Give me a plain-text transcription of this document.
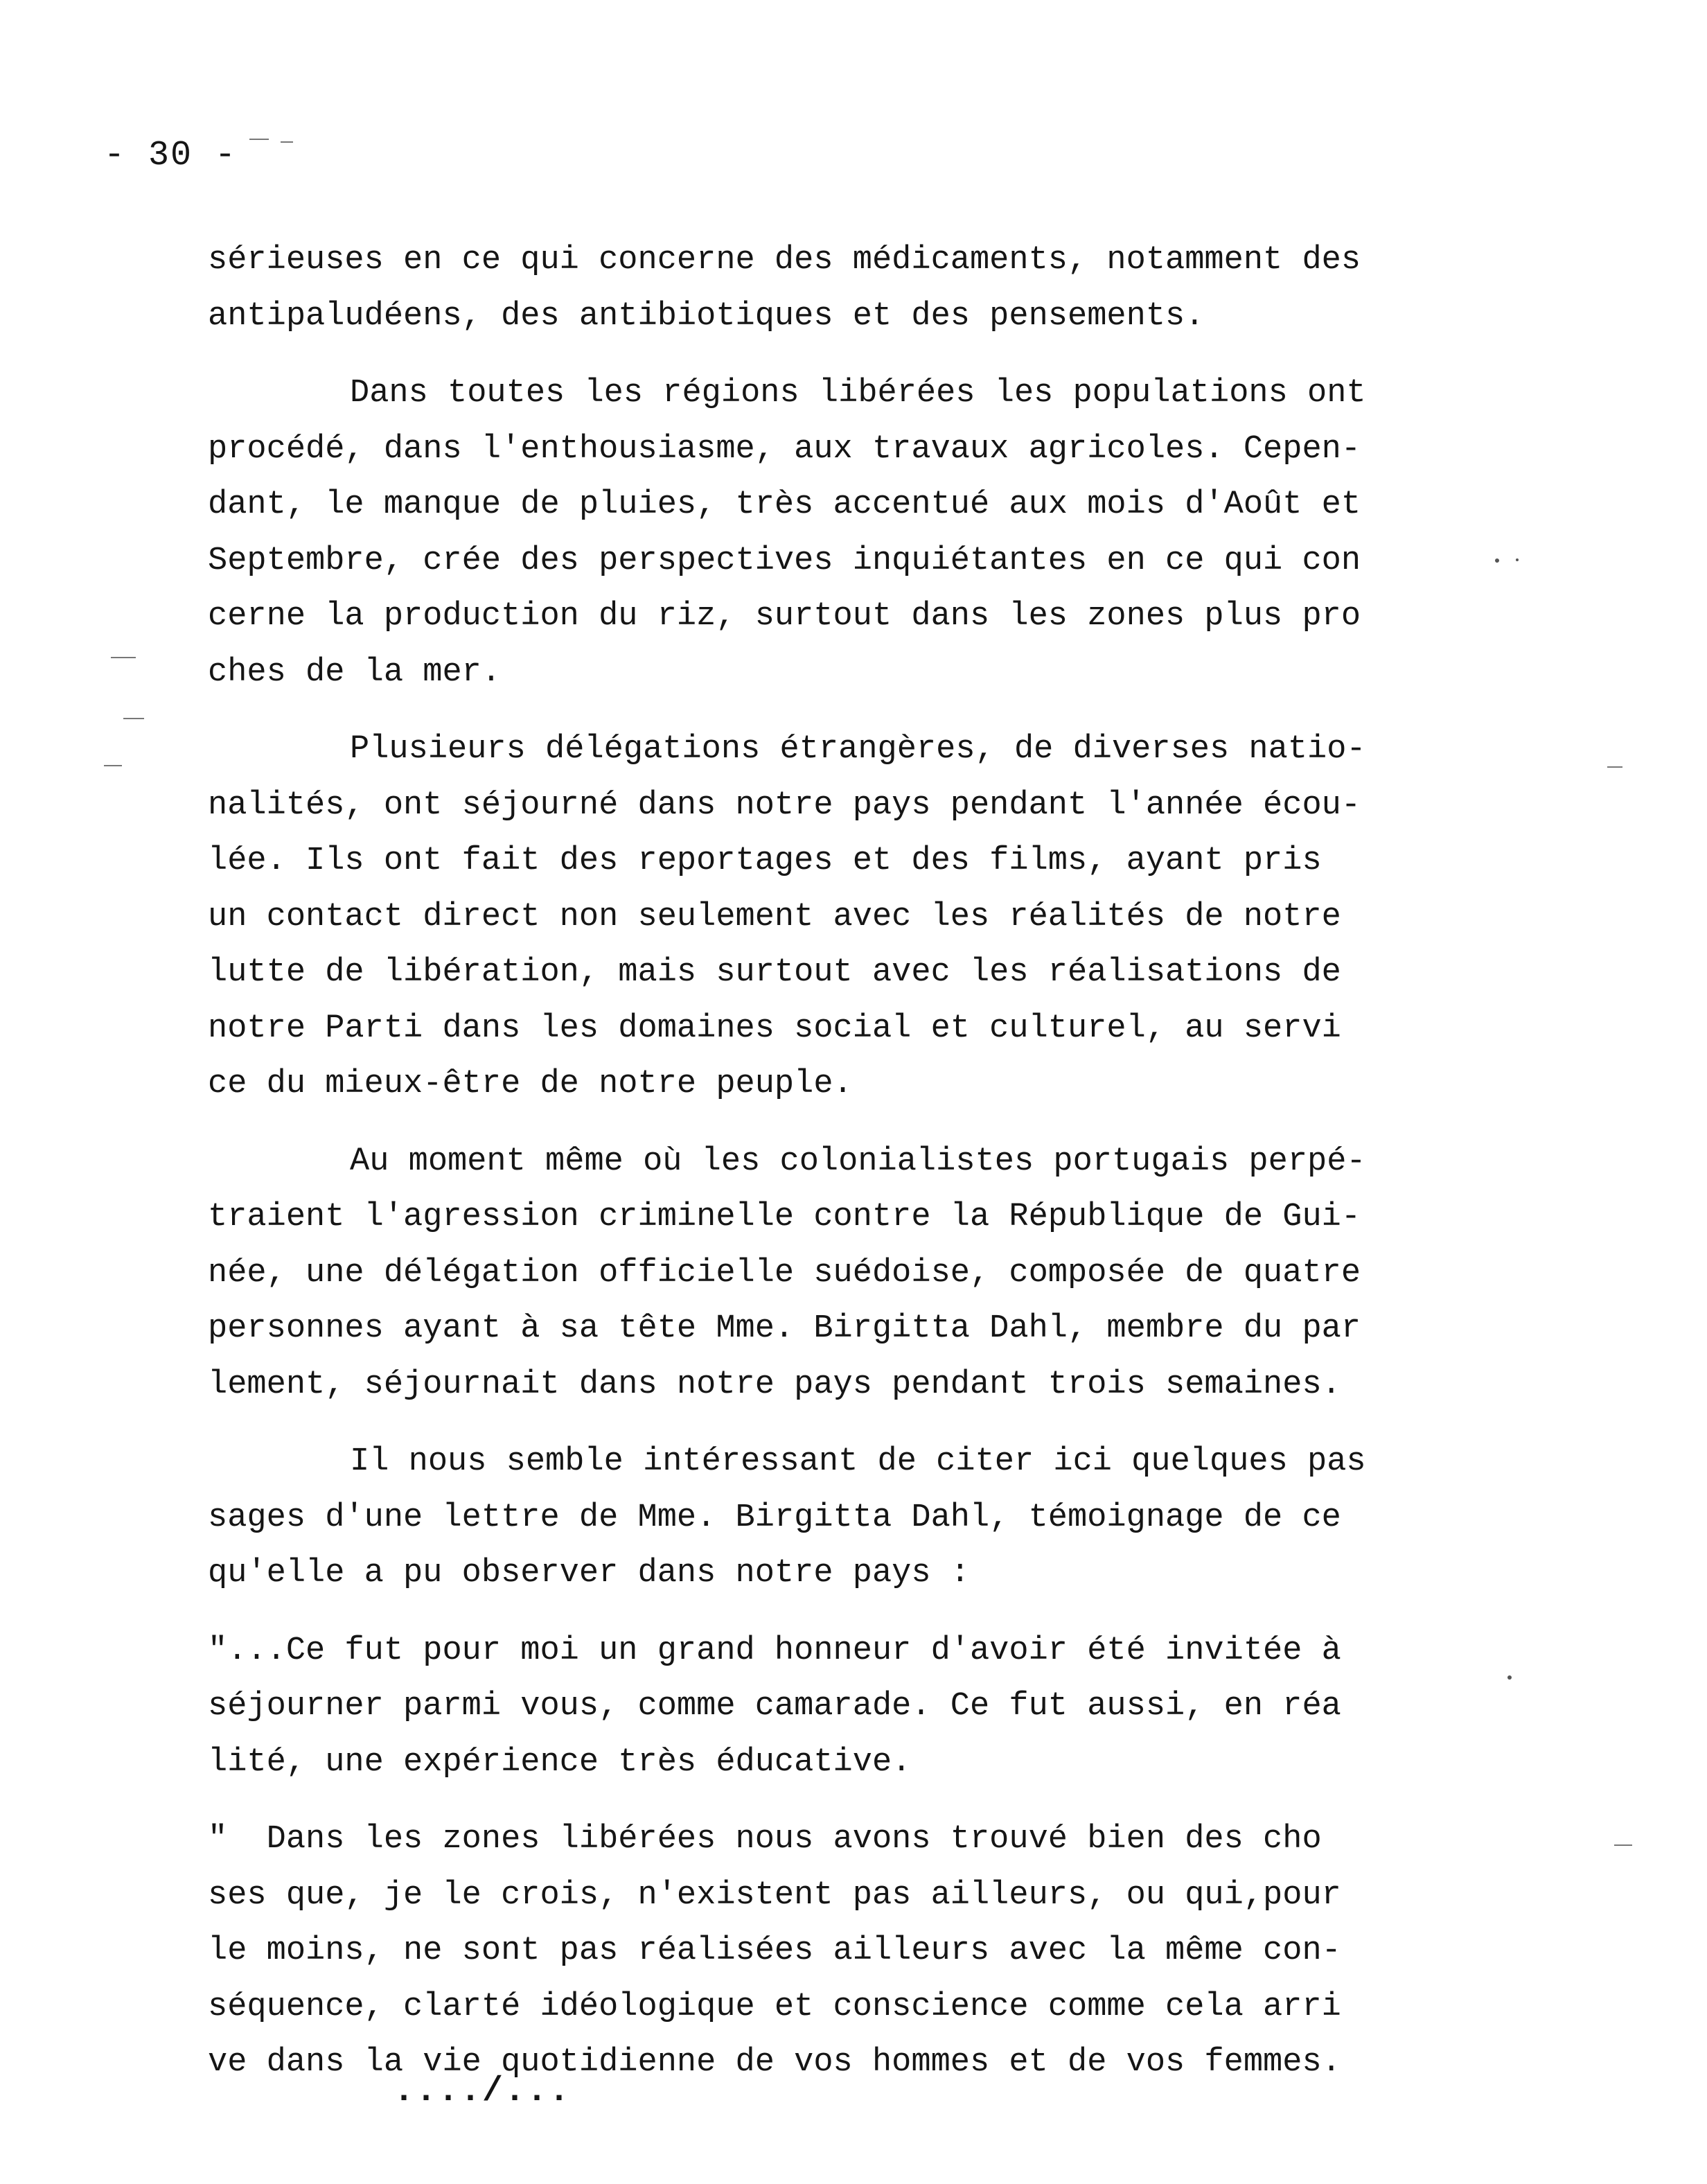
- 30 -
sérieuses en ce qui concerne des médicaments, notamment des
antipaludéens, des antibiotiques et des pensements.
Dans toutes les régions libérées les populations ont
procédé, dans l'enthousiasme, aux travaux agricoles. Cepen-
dant, le manque de pluies, très accentué aux mois d'Août et
Septembre, crée des perspectives inquiétantes en ce qui con
cerne la production du riz, surtout dans les zones plus pro
ches de la mer.
Plusieurs délégations étrangères, de diverses natio-
nalités, ont séjourné dans notre pays pendant l'année écou-
lée. Ils ont fait des reportages et des films, ayant pris
un contact direct non seulement avec les réalités de notre
lutte de libération, mais surtout avec les réalisations de
notre Parti dans les domaines social et culturel, au servi
ce du mieux-être de notre peuple.
Au moment même où les colonialistes portugais perpé-
traient l'agression criminelle contre la République de Gui-
née, une délégation officielle suédoise, composée de quatre
personnes ayant à sa tête Mme. Birgitta Dahl, membre du par
lement, séjournait dans notre pays pendant trois semaines.
Il nous semble intéressant de citer ici quelques pas
sages d'une lettre de Mme. Birgitta Dahl, témoignage de ce
qu'elle a pu observer dans notre pays :
"...Ce fut pour moi un grand honneur d'avoir été invitée à
séjourner parmi vous, comme camarade. Ce fut aussi, en réa
lité, une expérience très éducative.
"  Dans les zones libérées nous avons trouvé bien des cho
ses que, je le crois, n'existent pas ailleurs, ou qui,pour
le moins, ne sont pas réalisées ailleurs avec la même con-
séquence, clarté idéologique et conscience comme cela arri
ve dans la vie quotidienne de vos hommes et de vos femmes.
..../...
